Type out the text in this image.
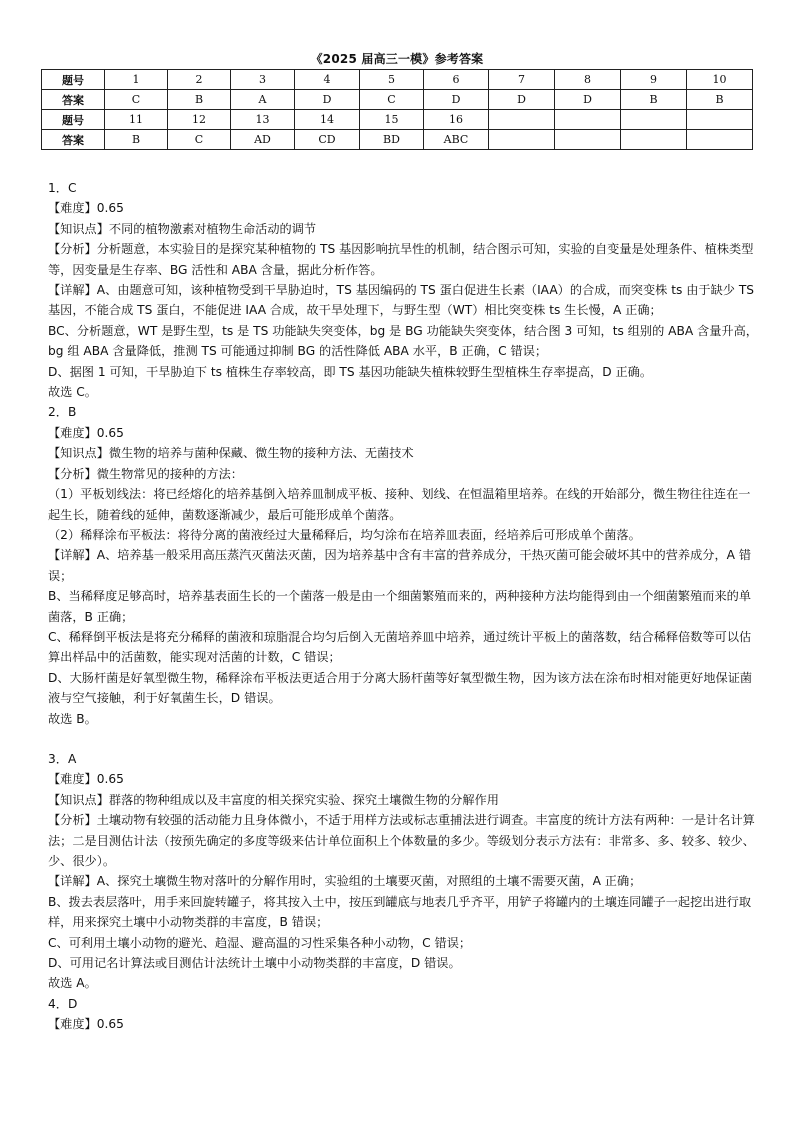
《2025 届高三一模》参考答案
题号	1	2	3	4	5	6	7	8	9	10
答案	C	B	A	D	C	D	D	D	B	B
题号	11	12	13	14	15	16				
答案	B	C	AD	CD	BD	ABC				

1．C

【难度】0.65

【知识点】不同的植物激素对植物生命活动的调节

【分析】分析题意，本实验目的是探究某种植物的 TS 基因影响抗旱性的机制，结合图示可知，实验的自变量是处理条件、植株类型等，因变量是生存率、BG 活性和 ABA 含量，据此分析作答。

【详解】A、由题意可知，该种植物受到干旱胁迫时，TS 基因编码的 TS 蛋白促进生长素（IAA）的合成，而突变株 ts 由于缺少 TS 基因，不能合成 TS 蛋白，不能促进 IAA 合成，故干旱处理下，与野生型（WT）相比突变株 ts 生长慢，A 正确；

BC、分析题意，WT 是野生型，ts 是 TS 功能缺失突变体，bg 是 BG 功能缺失突变体，结合图 3 可知，ts 组别的 ABA 含量升高，bg 组 ABA 含量降低，推测 TS 可能通过抑制 BG 的活性降低 ABA 水平，B 正确，C 错误；

D、据图 1 可知，干旱胁迫下 ts 植株生存率较高，即 TS 基因功能缺失植株较野生型植株生存率提高，D 正确。

故选 C。

2．B

【难度】0.65

【知识点】微生物的培养与菌种保藏、微生物的接种方法、无菌技术

【分析】微生物常见的接种的方法：

（1）平板划线法：将已经熔化的培养基倒入培养皿制成平板、接种、划线、在恒温箱里培养。在线的开始部分，微生物往往连在一起生长，随着线的延伸，菌数逐渐减少，最后可能形成单个菌落。

（2）稀释涂布平板法：将待分离的菌液经过大量稀释后，均匀涂布在培养皿表面，经培养后可形成单个菌落。

【详解】A、培养基一般采用高压蒸汽灭菌法灭菌，因为培养基中含有丰富的营养成分，干热灭菌可能会破坏其中的营养成分，A 错误；

B、当稀释度足够高时，培养基表面生长的一个菌落一般是由一个细菌繁殖而来的，两种接种方法均能得到由一个细菌繁殖而来的单菌落，B 正确；

C、稀释倒平板法是将充分稀释的菌液和琼脂混合均匀后倒入无菌培养皿中培养，通过统计平板上的菌落数，结合稀释倍数等可以估算出样品中的活菌数，能实现对活菌的计数，C 错误；

D、大肠杆菌是好氧型微生物，稀释涂布平板法更适合用于分离大肠杆菌等好氧型微生物，因为该方法在涂布时相对能更好地保证菌液与空气接触，利于好氧菌生长，D 错误。

故选 B。

3．A

【难度】0.65

【知识点】群落的物种组成以及丰富度的相关探究实验、探究土壤微生物的分解作用

【分析】土壤动物有较强的活动能力且身体微小，不适于用样方法或标志重捕法进行调查。丰富度的统计方法有两种：一是计名计算法；二是目测估计法（按预先确定的多度等级来估计单位面积上个体数量的多少。等级划分表示方法有：非常多、多、较多、较少、少、很少）。

【详解】A、探究土壤微生物对落叶的分解作用时，实验组的土壤要灭菌，对照组的土壤不需要灭菌，A 正确；

B、拨去表层落叶，用手来回旋转罐子，将其按入土中，按压到罐底与地表几乎齐平，用铲子将罐内的土壤连同罐子一起挖出进行取样，用来探究土壤中小动物类群的丰富度，B 错误；

C、可利用土壤小动物的避光、趋湿、避高温的习性采集各种小动物，C 错误；

D、可用记名计算法或目测估计法统计土壤中小动物类群的丰富度，D 错误。

故选 A。

4．D

【难度】0.65
